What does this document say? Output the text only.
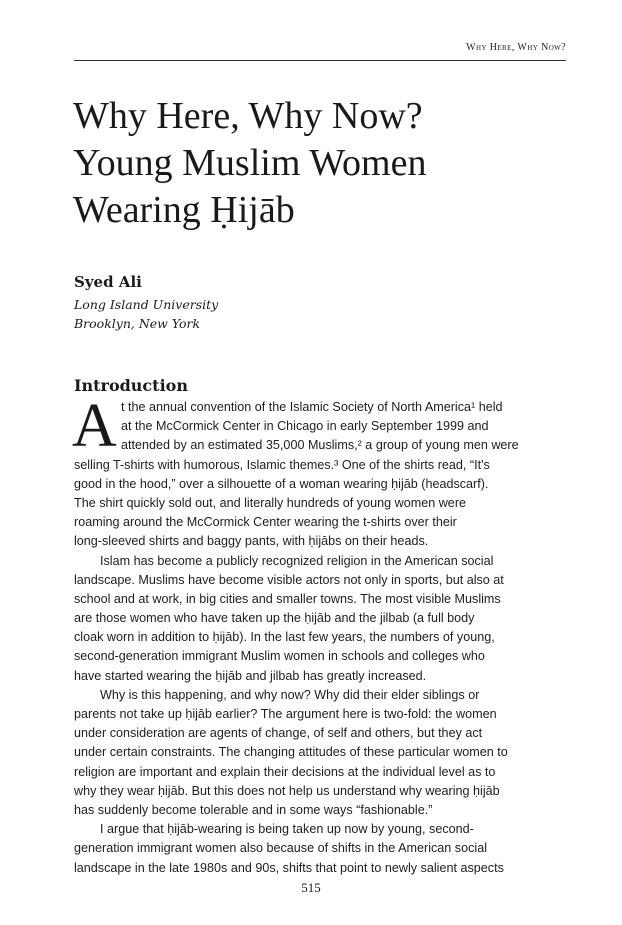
Why Here, Why Now?
Why Here, Why Now?
Young Muslim Women
Wearing Ḥijāb
Syed Ali
Long Island University
Brooklyn, New York
Introduction
A t the annual convention of the Islamic Society of North America¹ held
at the McCormick Center in Chicago in early September 1999 and
attended by an estimated 35,000 Muslims,² a group of young men were
selling T-shirts with humorous, Islamic themes.³ One of the shirts read, “It's
good in the hood,” over a silhouette of a woman wearing ḥijāb (headscarf).
The shirt quickly sold out, and literally hundreds of young women were
roaming around the McCormick Center wearing the t-shirts over their
long-sleeved shirts and baggy pants, with ḥijābs on their heads.
Islam has become a publicly recognized religion in the American social
landscape. Muslims have become visible actors not only in sports, but also at
school and at work, in big cities and smaller towns. The most visible Muslims
are those women who have taken up the ḥijāb and the jilbab (a full body
cloak worn in addition to ḥijāb). In the last few years, the numbers of young,
second-generation immigrant Muslim women in schools and colleges who
have started wearing the ḥijāb and jilbab has greatly increased.
Why is this happening, and why now? Why did their elder siblings or
parents not take up ḥijāb earlier? The argument here is two-fold: the women
under consideration are agents of change, of self and others, but they act
under certain constraints. The changing attitudes of these particular women to
religion are important and explain their decisions at the individual level as to
why they wear ḥijāb. But this does not help us understand why wearing ḥijāb
has suddenly become tolerable and in some ways “fashionable.”
I argue that ḥijāb-wearing is being taken up now by young, second-
generation immigrant women also because of shifts in the American social
landscape in the late 1980s and 90s, shifts that point to newly salient aspects
515
